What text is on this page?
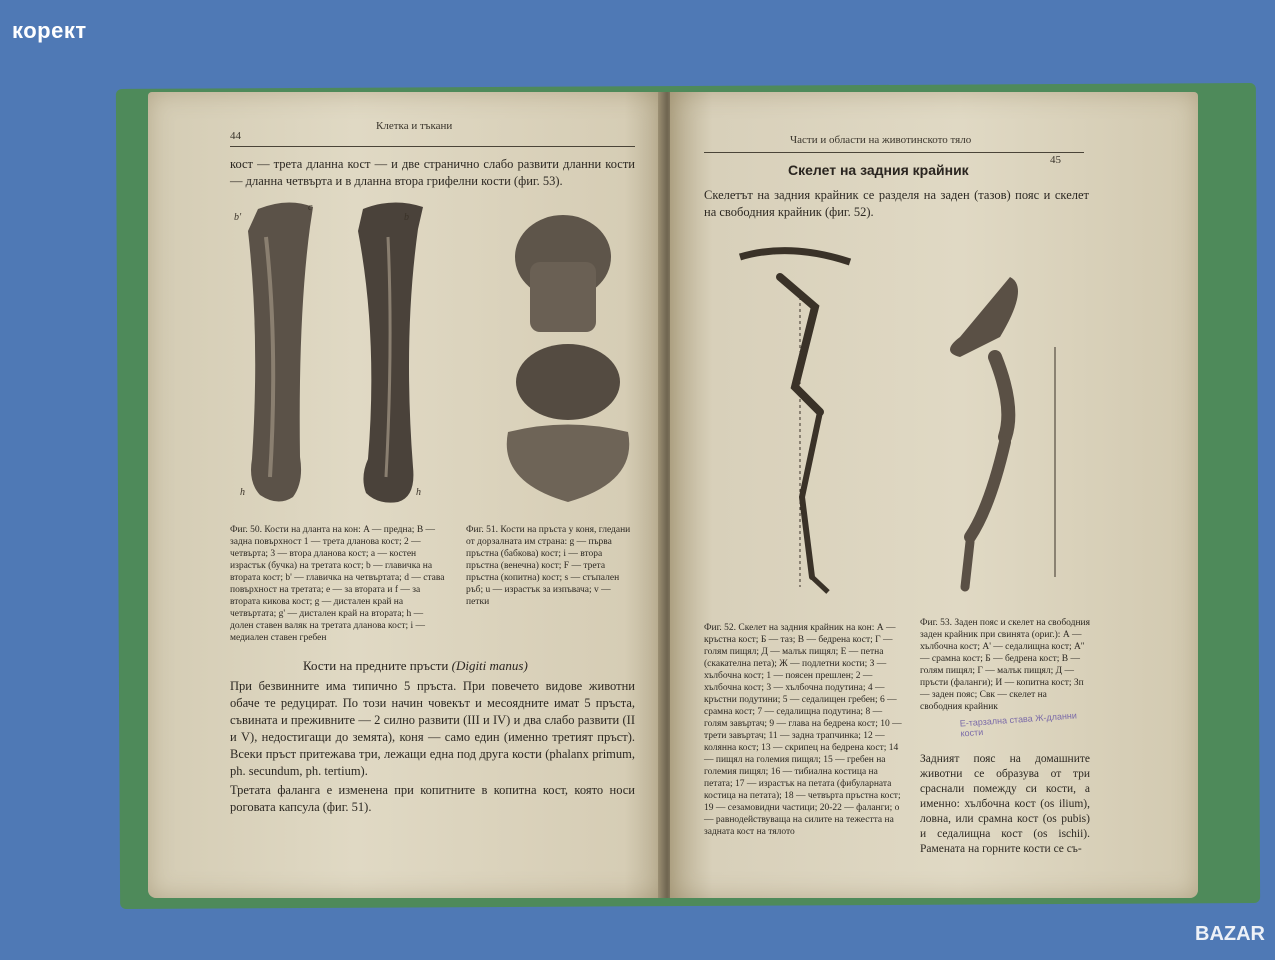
корект
44
Клетка и тъкани
кост — трета дланна кост — и две странично слабо развити дланни кости — дланна четвърта и в дланна втора грифелни кости (фиг. 53).
b'
c
b
h	h
Фиг. 50. Кости на дланта на кон: A — предна; B — задна повърхност 1 — трета дланова кост; 2 — четвърта; 3 — втора дланова кост; a — костен израстък (бучка) на третата кост; b — главичка на вторaта кост; b' — главичка на четвъртата; d — става повърхност на третата; e — за втората и f — за втората кикова кост; g — дистален край на четвъртата; g' — дистален край на втората; h — долен ставен валяк на третата дланова кост; i — медиален ставен гребен
Фиг. 51. Кости на пръста у коня, гледани от дорзалната им страна: g — първа пръстна (бабкова) кост; i — втора пръстна (венечна) кост; F — трета пръстна (копитна) кост; s — стъпален ръб; u — израстък за изпъвача; v — петки
Кости на предните пръсти (Digiti manus)
При безвинните има типично 5 пръста. При повечето видове животни обаче те редуцират. По този начин човекът и месоядните имат 5 пръста, съвината и преживните — 2 силно развити (III и IV) и два слабо развити (II и V), недостигащи до земята), коня — само един (именно третият пръст). Всеки пръст притежава три, лежащи една под друга кости (phalanx primum, ph. secundum, ph. tertium).
Третата фаланга е изменена при копитните в копитна кост, която носи роговата капсула (фиг. 51).
Части и области на животинското тяло
45
Скелет на задния крайник
Скелетът на задния крайник се разделя на заден (тазов) пояс и скелет на свободния крайник (фиг. 52).
Фиг. 52. Скелет на задния крайник на кон: А — кръстна кост; Б — таз; В — бедрена кост; Г — голям пищял; Д — малък пищял; Е — петна (скакателна пета); Ж — подлетни кости; З — хълбочна кост; 1 — поясен прешлен; 2 — хълбочна кост; 3 — хълбочна подутина; 4 — кръстни подутини; 5 — седалищен гребен; 6 — срамна кост; 7 — седалищна подутина; 8 — голям завъртач; 9 — глава на бедрена кост; 10 — трети завъртач; 11 — задна трапчинка; 12 — колянна кост; 13 — скрипец на бедрена кост; 14 — пищял на големия пищял; 15 — гребен на големия пищял; 16 — тибиална костица на петата; 17 — израстък на петата (фибуларната костица на петата); 18 — четвърта пръстна кост; 19 — сезамовидни частици; 20-22 — фаланги; о — равнодействуваща на силите на тежестта на задната кост на тялото
Фиг. 53. Заден пояс и скелет на свободния заден крайник при свинята (ориг.): А — хълбочна кост; А' — седалищна кост; А'' — срамна кост; Б — бедрена кост; В — голям пищял; Г — малък пищял; Д — пръсти (фаланги); И — копитна кост; Зп — заден пояс; Свк — скелет на свободния крайник
Е-тарзална става Ж-дланни кости
Задният пояс на домашните животни се образува от три сраснали помежду си кости, а именно: хълбочна кост (os ilium), ловна, или срамна кост (os pubis) и седалищна кост (os ischii). Рамената на горните кости се съ-
BAZAR
